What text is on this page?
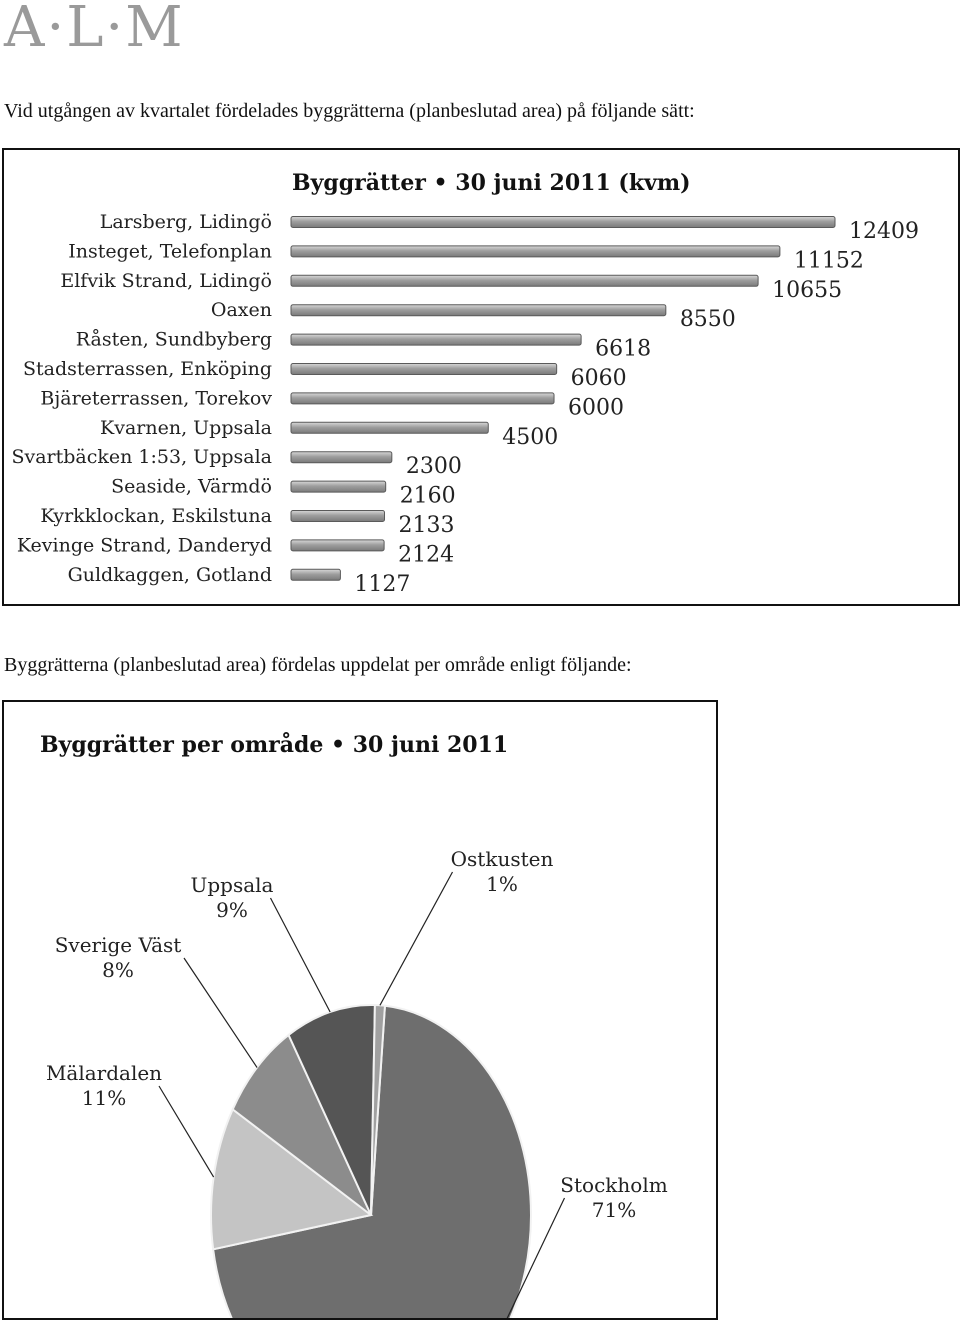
A·L·M
Vid utgången av kvartalet fördelades byggrätterna (planbeslutad area) på följande sätt:
Byggrätter • 30 juni 2011 (kvm)
Larsberg, Lidingö	12409
Insteget, Telefonplan	11152
Elfvik Strand, Lidingö	10655
Oaxen	8550
Råsten, Sundbyberg	6618
Stadsterrassen, Enköping	6060
Bjäreterrassen, Torekov	6000
Kvarnen, Uppsala	4500
Svartbäcken 1:53, Uppsala	2300
Seaside, Värmdö	2160
Kyrkklockan, Eskilstuna	2133
Kevinge Strand, Danderyd	2124
Guldkaggen, Gotland	1127
Byggrätterna (planbeslutad area) fördelas uppdelat per område enligt följande:
Byggrätter per område • 30 juni 2011
Stockholm
71%
Mälardalen
11%
Sverige Väst
8%
Uppsala
9%
Ostkusten
1%
